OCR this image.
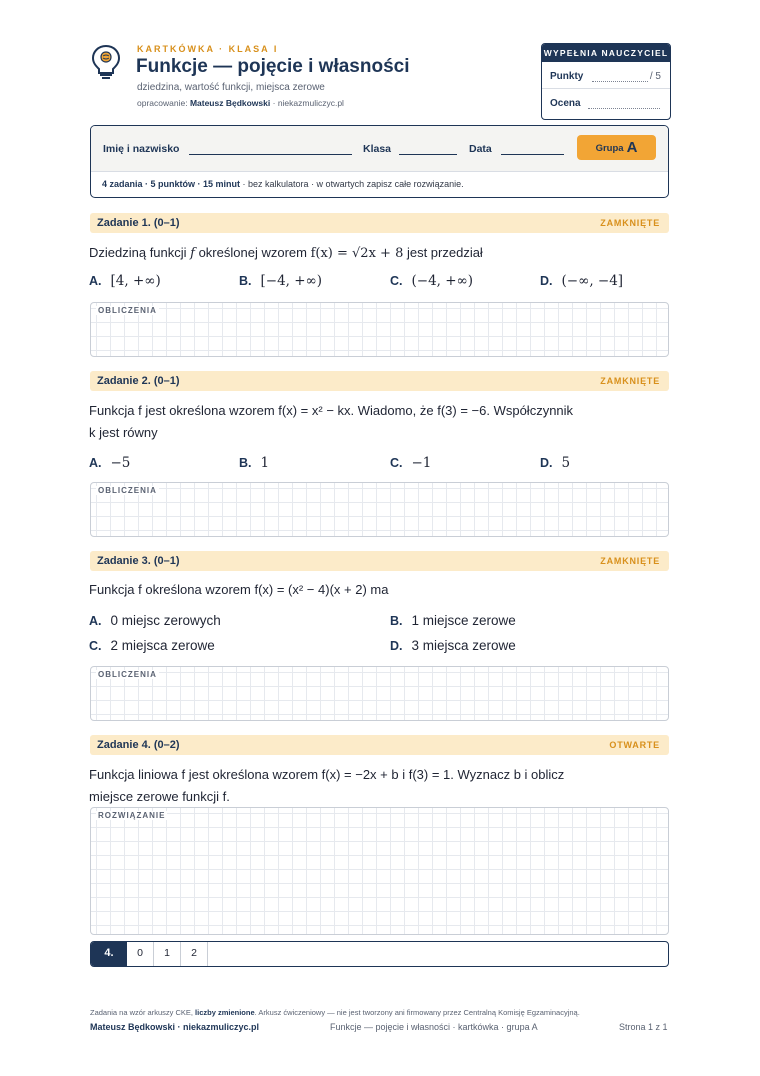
KARTKÓWKA · KLASA I
Funkcje — pojęcie i własności
dziedzina, wartość funkcji, miejsca zerowe
opracowanie: Mateusz Będkowski · niekazmuliczyc.pl
WYPEŁNIA NAUCZYCIEL
Punkty	/ 5
Ocena
Imię i nazwisko	Klasa	Data	Grupa A
4 zadania · 5 punktów · 15 minut · bez kalkulatora · w otwartych zapisz całe rozwiązanie.
Zadanie 1. (0–1)	ZAMKNIĘTE
Dziedziną funkcji f określonej wzorem f(x) = √2x + 8 jest przedział
A. [4, +∞)	B. [−4, +∞)	C. (−4, +∞)	D. (−∞, −4]
OBLICZENIA
Zadanie 2. (0–1)	ZAMKNIĘTE
Funkcja f jest określona wzorem f(x) = x² − kx. Wiadomo, że f(3) = −6. Współczynnik
k jest równy
A. −5	B. 1	C. −1	D. 5
OBLICZENIA
Zadanie 3. (0–1)	ZAMKNIĘTE
Funkcja f określona wzorem f(x) = (x² − 4)(x + 2) ma
A. 0 miejsc zerowych	B. 1 miejsce zerowe
C. 2 miejsca zerowe	D. 3 miejsca zerowe
OBLICZENIA
Zadanie 4. (0–2)	OTWARTE
Funkcja liniowa f jest określona wzorem f(x) = −2x + b i f(3) = 1. Wyznacz b i oblicz
miejsce zerowe funkcji f.
ROZWIĄZANIE
4.	0	1	2
Zadania na wzór arkuszy CKE, liczby zmienione. Arkusz ćwiczeniowy — nie jest tworzony ani firmowany przez Centralną Komisję Egzaminacyjną.
Mateusz Będkowski · niekazmuliczyc.pl	Funkcje — pojęcie i własności · kartkówka · grupa A	Strona 1 z 1
